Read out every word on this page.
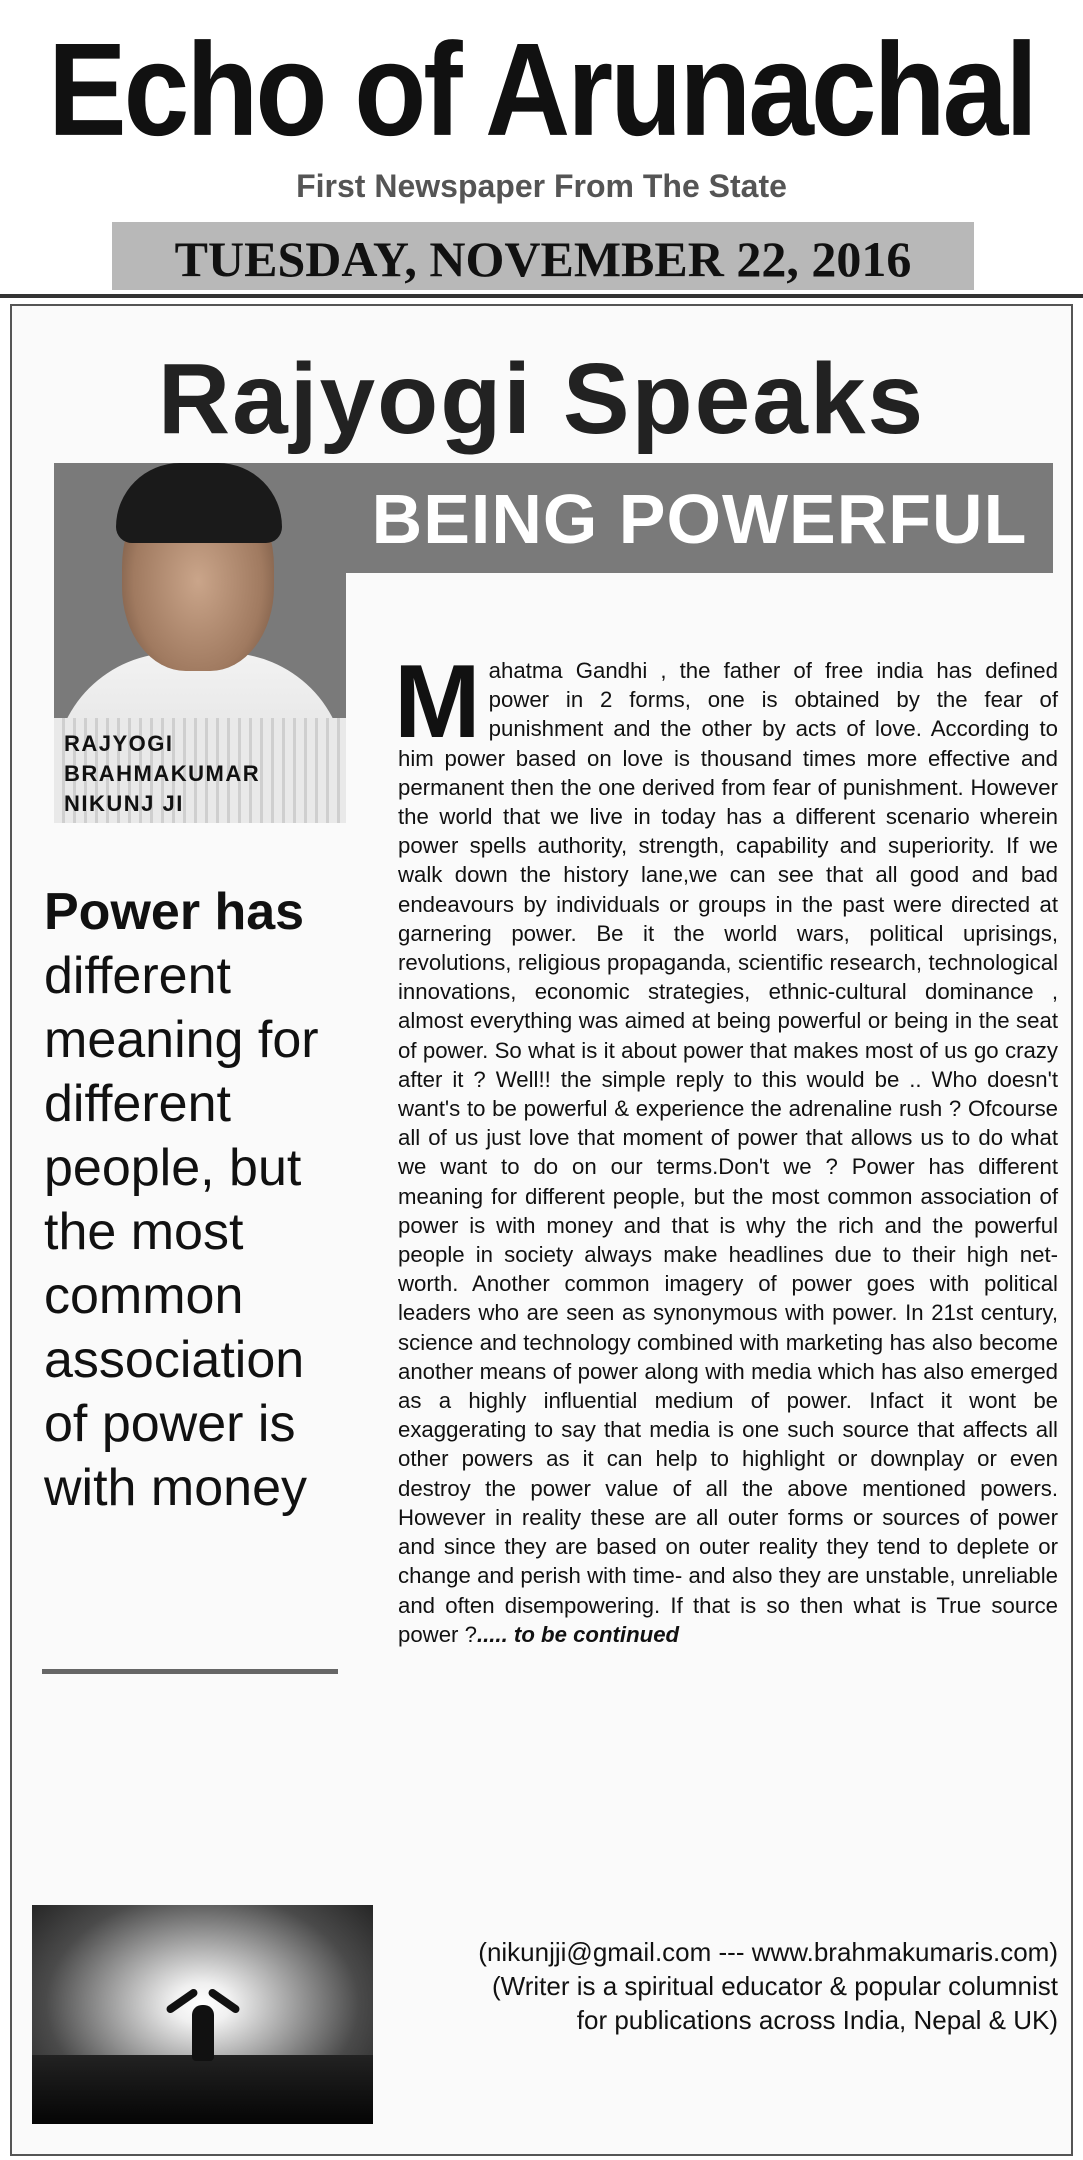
Echo of Arunachal
First Newspaper From The State
TUESDAY, NOVEMBER 22, 2016
Rajyogi Speaks
RAJYOGI
BRAHMAKUMAR
NIKUNJ JI
BEING POWERFUL
Power has different meaning for different people, but the most common association of power is with money
Mahatma Gandhi , the father of free india has defined power in 2 forms, one is obtained by the fear of punishment and the other by acts of love. According to him power based on love is thousand times more effective and permanent then the one derived from fear of punishment. However the world that we live in today has a different scenario wherein power spells authority, strength, capability and superiority. If we walk down the history lane,we can see that all good and bad endeavours by individuals or groups in the past were directed at garnering power. Be it the world wars, political uprisings, revolutions, religious propaganda, scientific research, technological innovations, economic strategies, ethnic-cultural dominance , almost everything was aimed at being powerful or being in the seat of power. So what is it about power that makes most of us go crazy after it ? Well!! the simple reply to this would be .. Who doesn't want's to be powerful & experience the adrenaline rush ? Ofcourse all of us just love that moment of power that allows us to do what we want to do on our terms.Don't we ? Power has different meaning for different people, but the most common association of power is with money and that is why the rich and the powerful people in society always make headlines due to their high net-worth. Another common imagery of power goes with political leaders who are seen as synonymous with power. In 21st century, science and technology combined with marketing has also become another means of power along with media which has also emerged as a highly influential medium of power. Infact it wont be exaggerating to say that media is one such source that affects all other powers as it can help to highlight or downplay or even destroy the power value of all the above mentioned powers. However in reality these are all outer forms or sources of power and since they are based on outer reality they tend to deplete or change and perish with time- and also they are unstable, unreliable and often disempowering. If that is so then what is True source power ?..... to be continued
(nikunjji@gmail.com --- www.brahmakumaris.com)
(Writer is a spiritual educator & popular columnist
for publications across India, Nepal & UK)
